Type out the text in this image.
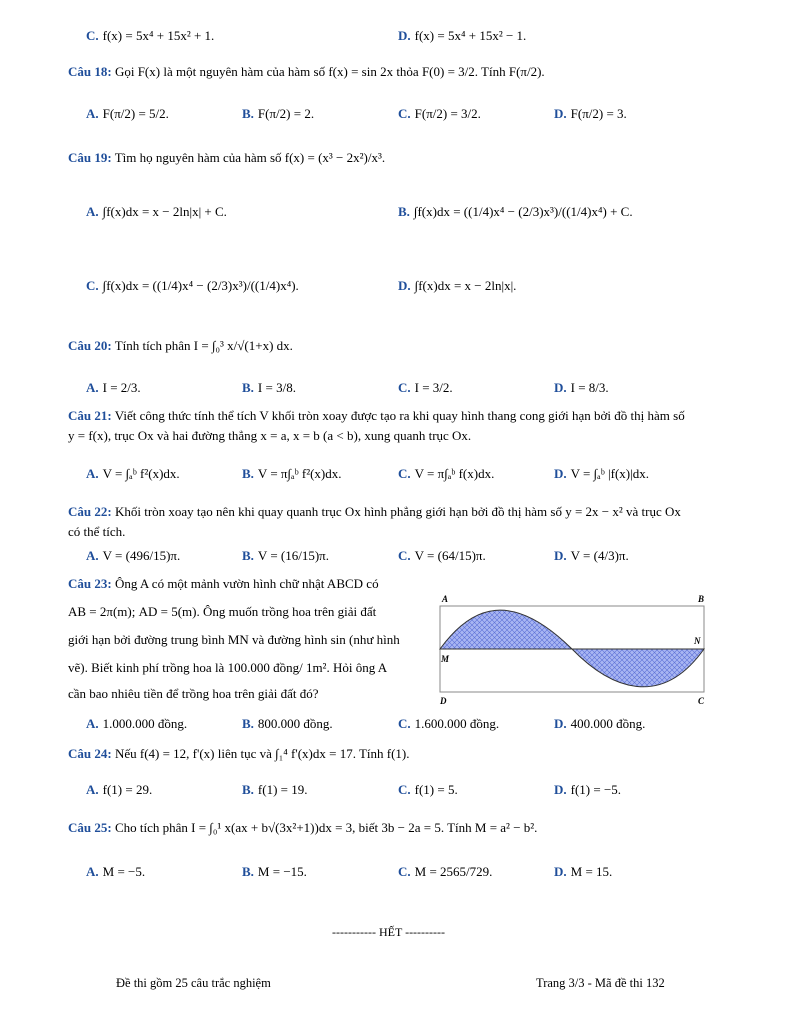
C. f(x) = 5x⁴ + 15x² + 1.	D. f(x) = 5x⁴ + 15x² − 1.
Câu 18: Gọi F(x) là một nguyên hàm của hàm số f(x) = sin 2x thỏa F(0) = 3/2. Tính F(π/2).
A. F(π/2) = 5/2.	B. F(π/2) = 2.	C. F(π/2) = 3/2.	D. F(π/2) = 3.
Câu 19: Tìm họ nguyên hàm của hàm số f(x) = (x³ − 2x²)/x³.
A. ∫f(x)dx = x − 2ln|x| + C.	B. ∫f(x)dx = ((1/4)x⁴ − (2/3)x³)/((1/4)x⁴) + C.
C. ∫f(x)dx = ((1/4)x⁴ − (2/3)x³)/((1/4)x⁴).	D. ∫f(x)dx = x − 2ln|x|.
Câu 20: Tính tích phân I = ∫₀³ x/√(1+x) dx.
A. I = 2/3.	B. I = 3/8.	C. I = 3/2.	D. I = 8/3.
Câu 21: Viết công thức tính thể tích V khối tròn xoay được tạo ra khi quay hình thang cong giới hạn bởi đồ thị hàm số
y = f(x), trục Ox và hai đường thẳng x = a, x = b (a < b), xung quanh trục Ox.
A. V = ∫ₐᵇ f²(x)dx.	B. V = π∫ₐᵇ f²(x)dx.	C. V = π∫ₐᵇ f(x)dx.	D. V = ∫ₐᵇ |f(x)|dx.
Câu 22: Khối tròn xoay tạo nên khi quay quanh trục Ox hình phẳng giới hạn bởi đồ thị hàm số y = 2x − x² và trục Ox
có thể tích.
A. V = (496/15)π.	B. V = (16/15)π.	C. V = (64/15)π.	D. V = (4/3)π.
Câu 23: Ông A có một mảnh vườn hình chữ nhật ABCD có
AB = 2π(m); AD = 5(m). Ông muốn trồng hoa trên giải đất
giới hạn bởi đường trung bình MN và đường hình sin (như hình
vẽ). Biết kinh phí trồng hoa là 100.000 đồng/ 1m². Hỏi ông A
cần bao nhiêu tiền để trồng hoa trên giải đất đó?
A	B
M
N
D	C
A. 1.000.000 đồng.	B. 800.000 đồng.	C. 1.600.000 đồng.	D. 400.000 đồng.
Câu 24: Nếu f(4) = 12, f'(x) liên tục và ∫₁⁴ f'(x)dx = 17. Tính f(1).
A. f(1) = 29.	B. f(1) = 19.	C. f(1) = 5.	D. f(1) = −5.
Câu 25: Cho tích phân I = ∫₀¹ x(ax + b√(3x²+1))dx = 3, biết 3b − 2a = 5. Tính M = a² − b².
A. M = −5.	B. M = −15.	C. M = 2565/729.	D. M = 15.
----------- HẾT ----------
Đề thi gồm 25 câu trắc nghiệm	Trang 3/3 - Mã đề thi 132
